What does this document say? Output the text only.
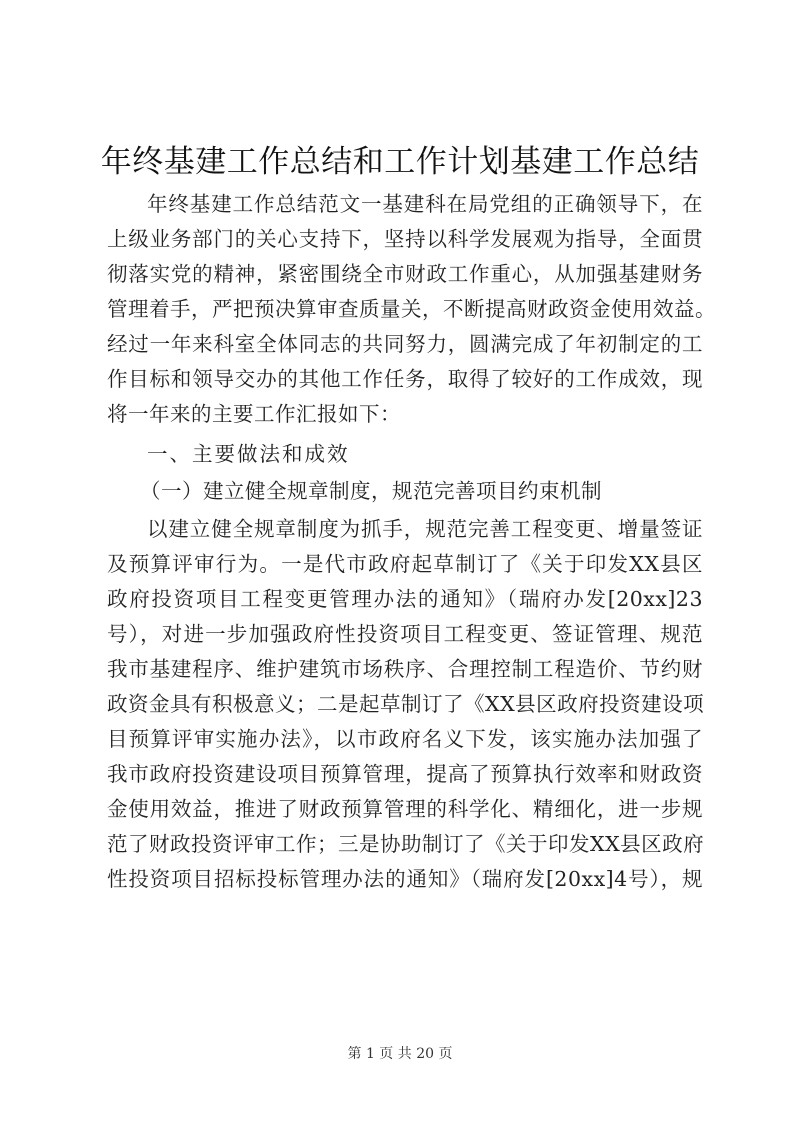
年终基建工作总结和工作计划基建工作总结
年终基建工作总结范文一基建科在局党组的正确领导下，在
上级业务部门的关心支持下，坚持以科学发展观为指导，全面贯
彻落实党的精神，紧密围绕全市财政工作重心，从加强基建财务
管理着手，严把预决算审查质量关，不断提高财政资金使用效益。
经过一年来科室全体同志的共同努力，圆满完成了年初制定的工
作目标和领导交办的其他工作任务，取得了较好的工作成效，现
将一年来的主要工作汇报如下：
一、主要做法和成效
（一）建立健全规章制度，规范完善项目约束机制
以建立健全规章制度为抓手，规范完善工程变更、增量签证
及预算评审行为。一是代市政府起草制订了《关于印发XX县区
政府投资项目工程变更管理办法的通知》（瑞府办发[20xx]23
号），对进一步加强政府性投资项目工程变更、签证管理、规范
我市基建程序、维护建筑市场秩序、合理控制工程造价、节约财
政资金具有积极意义；二是起草制订了《XX县区政府投资建设项
目预算评审实施办法》，以市政府名义下发，该实施办法加强了
我市政府投资建设项目预算管理，提高了预算执行效率和财政资
金使用效益，推进了财政预算管理的科学化、精细化，进一步规
范了财政投资评审工作；三是协助制订了《关于印发XX县区政府
性投资项目招标投标管理办法的通知》（瑞府发[20xx]4号），规
第 1 页 共 20 页
